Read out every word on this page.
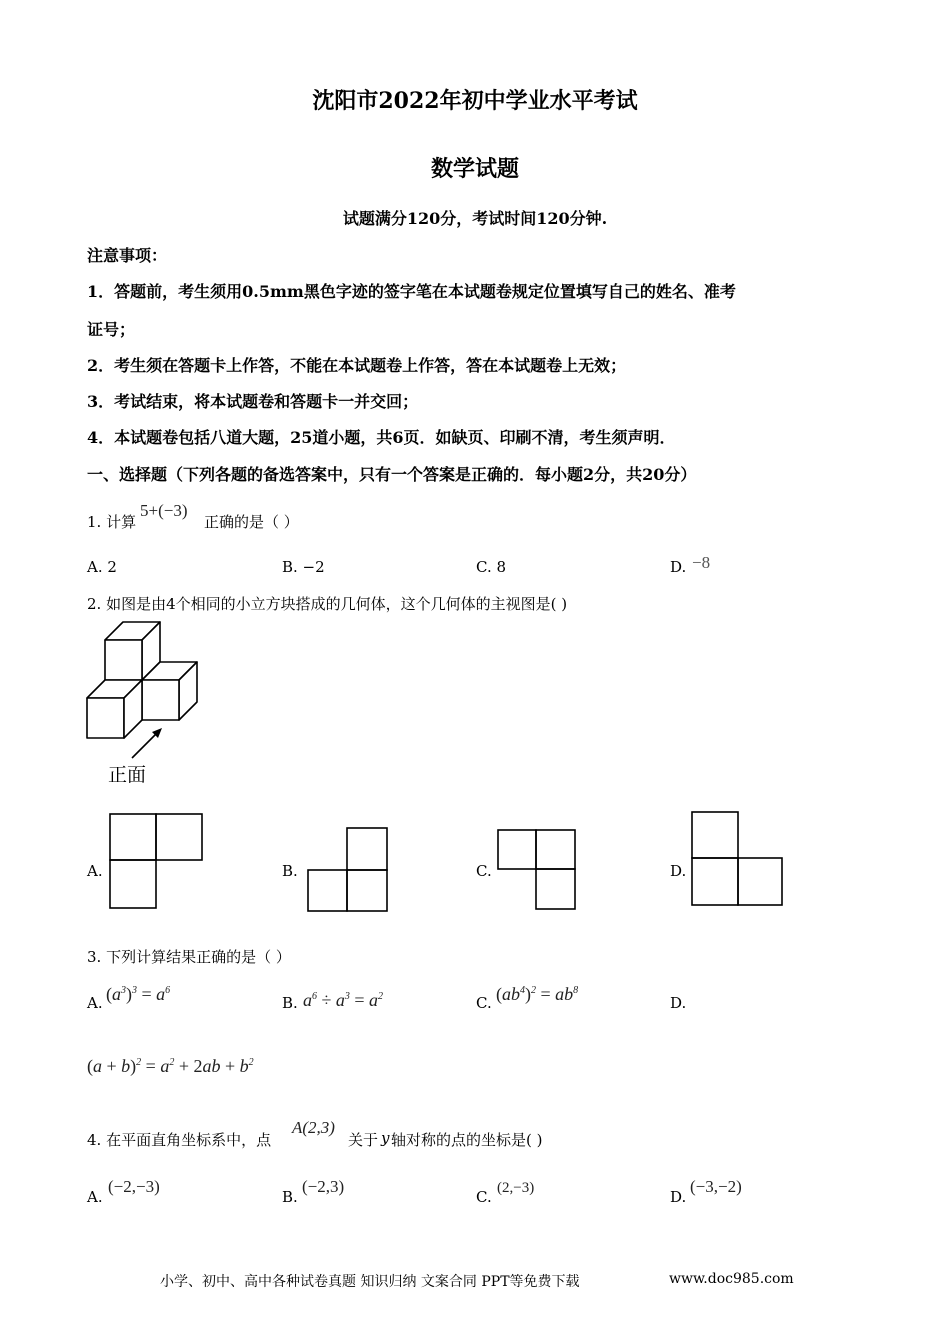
沈阳市2022年初中学业水平考试
数学试题
试题满分120分，考试时间120分钟.
注意事项：
1．答题前，考生须用0.5mm黑色字迹的签字笔在本试题卷规定位置填写自己的姓名、准考
证号；
2．考生须在答题卡上作答，不能在本试题卷上作答，答在本试题卷上无效；
3．考试结束，将本试题卷和答题卡一并交回；
4．本试题卷包括八道大题，25道小题，共6页．如缺页、印刷不清，考生须声明．
一、选择题（下列各题的备选答案中，只有一个答案是正确的．每小题2分，共20分）
1. 计算
5+(−3)
正确的是（ ）
A. 2	B. −2	C. 8	D. −8
2. 如图是由4个相同的小立方块搭成的几何体，这个几何体的主视图是( )
正面
A.	B.	C.	D.
3. 下列计算结果正确的是（ ）
A. $(a^3)^3 = a^6$
B. $a^6 \div a^3 = a^2$	C. $(ab^4)^2 = ab^8$
D.
$(a + b)^2 = a^2 + 2ab + b^2$
4. 在平面直角坐标系中，点
A(2,3)
关于 y 轴对称的点的坐标是( )
A.
(−2,−3)
B.
(−2,3)
C. (2,−3)	D.
(−3,−2)
小学、初中、高中各种试卷真题 知识归纳 文案合同 PPT等免费下载	www.doc985.com
